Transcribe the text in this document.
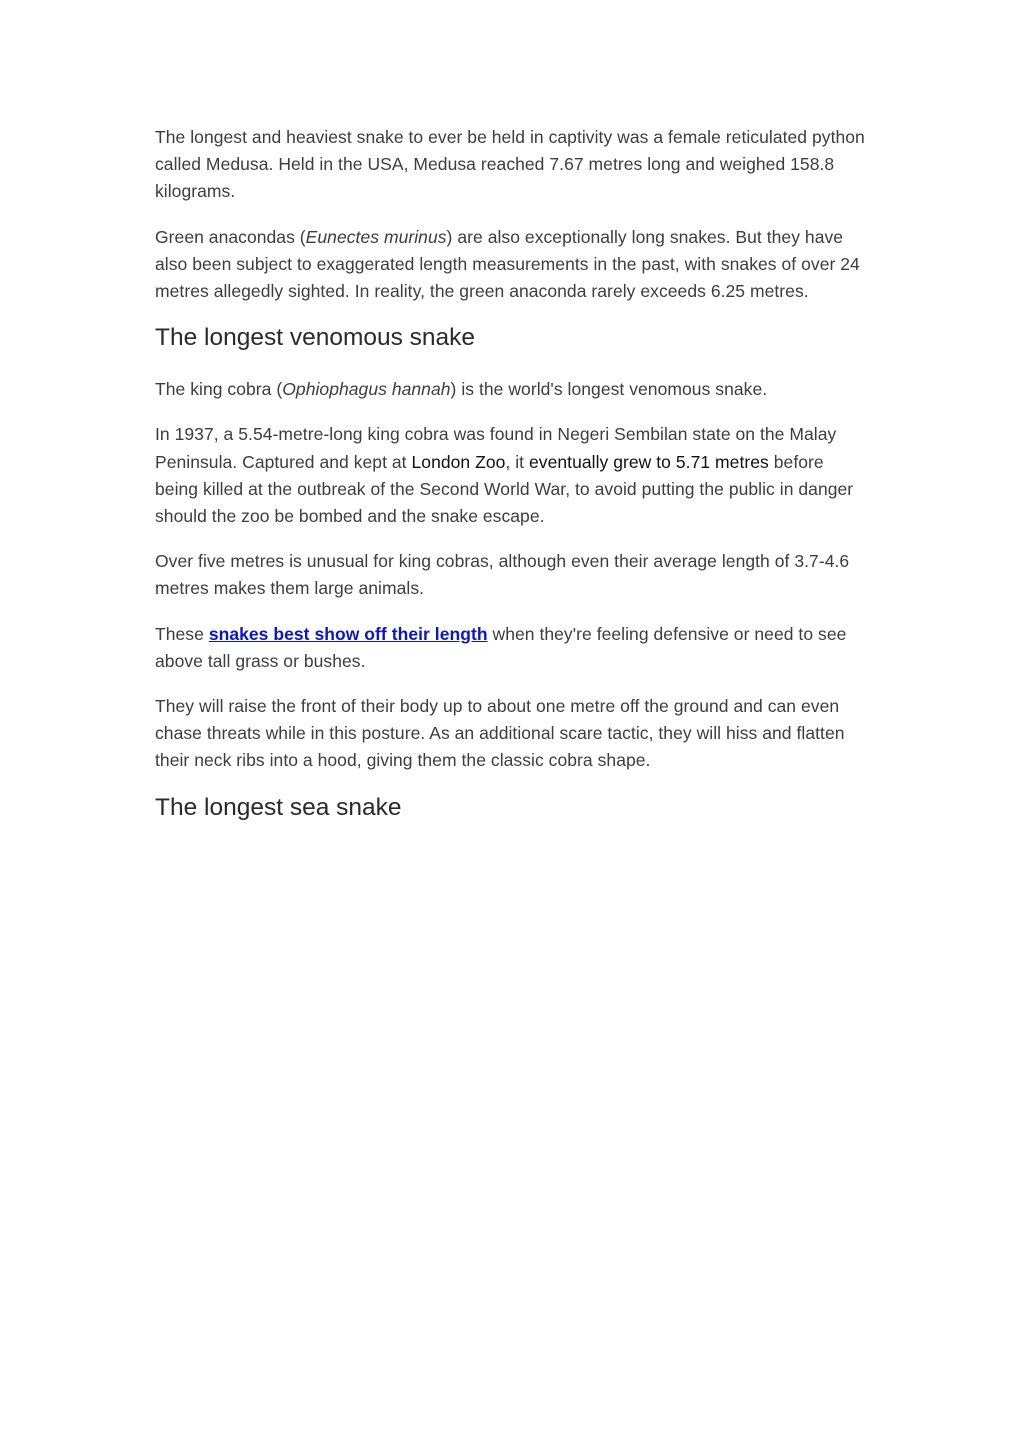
The longest and heaviest snake to ever be held in captivity was a female reticulated python called Medusa. Held in the USA, Medusa reached 7.67 metres long and weighed 158.8 kilograms.

Green anacondas (Eunectes murinus) are also exceptionally long snakes. But they have also been subject to exaggerated length measurements in the past, with snakes of over 24 metres allegedly sighted. In reality, the green anaconda rarely exceeds 6.25 metres.

The longest venomous snake

The king cobra (Ophiophagus hannah) is the world's longest venomous snake.

In 1937, a 5.54-metre-long king cobra was found in Negeri Sembilan state on the Malay Peninsula. Captured and kept at London Zoo, it eventually grew to 5.71 metres before being killed at the outbreak of the Second World War, to avoid putting the public in danger should the zoo be bombed and the snake escape.

Over five metres is unusual for king cobras, although even their average length of 3.7-4.6 metres makes them large animals.

These snakes best show off their length when they're feeling defensive or need to see above tall grass or bushes.

They will raise the front of their body up to about one metre off the ground and can even chase threats while in this posture. As an additional scare tactic, they will hiss and flatten their neck ribs into a hood, giving them the classic cobra shape.

The longest sea snake
